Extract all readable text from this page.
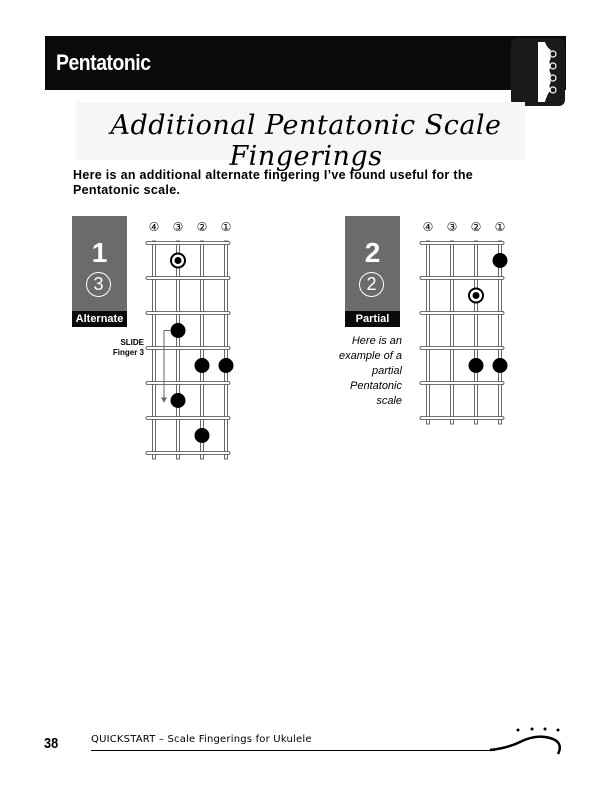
Pentatonic
Additional Pentatonic Scale Fingerings
Here is an additional alternate fingering I’ve found useful for the Pentatonic scale.
1
3
Alternate
④ ③ ② ①
SLIDE
Finger 3
2
2
Partial
Here is an example of a partial Pentatonic scale
④ ③ ② ①
38	QUICKSTART – Scale Fingerings for Ukulele
